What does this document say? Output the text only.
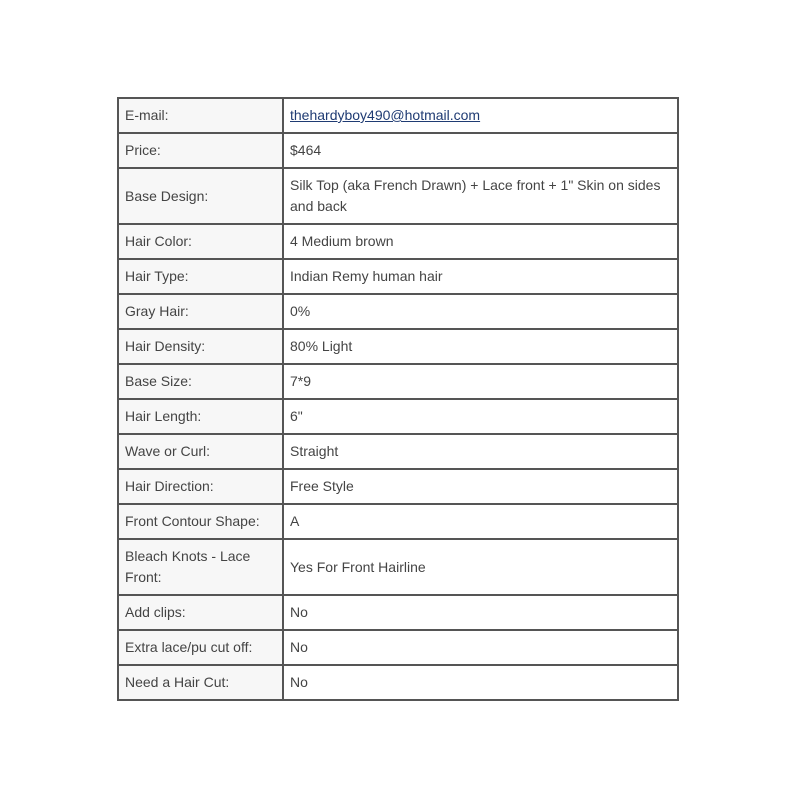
E-mail:	thehardyboy490@hotmail.com
Price:	$464
Base Design:	Silk Top (aka French Drawn) + Lace front + 1" Skin on sides and back
Hair Color:	4 Medium brown
Hair Type:	Indian Remy human hair
Gray Hair:	0%
Hair Density:	80% Light
Base Size:	7*9
Hair Length:	6"
Wave or Curl:	Straight
Hair Direction:	Free Style
Front Contour Shape:	A
Bleach Knots - Lace Front:	Yes For Front Hairline
Add clips:	No
Extra lace/pu cut off:	No
Need a Hair Cut:	No
